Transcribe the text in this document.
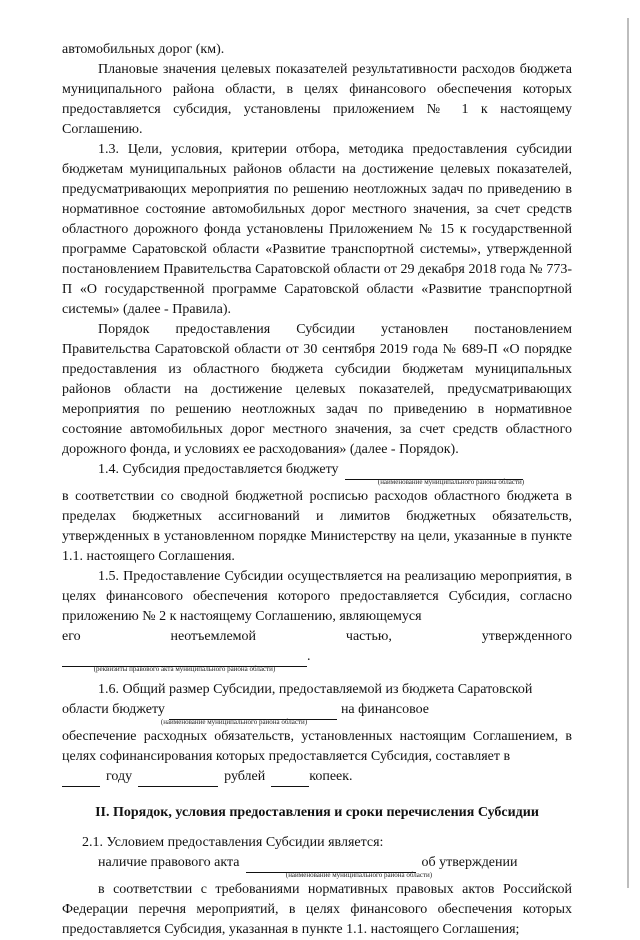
автомобильных дорог (км).

Плановые значения целевых показателей результативности расходов бюджета муниципального района области, в целях финансового обеспечения которых предоставляется субсидия, установлены приложением № 1 к настоящему Соглашению.

1.3. Цели, условия, критерии отбора, методика предоставления субсидии бюджетам муниципальных районов области на достижение целевых показателей, предусматривающих мероприятия по решению неотложных задач по приведению в нормативное состояние автомобильных дорог местного значения, за счет средств областного дорожного фонда установлены Приложением № 15 к государственной программе Саратовской области «Развитие транспортной системы», утвержденной постановлением Правительства Саратовской области от 29 декабря 2018 года № 773-П «О государственной программе Саратовской области «Развитие транспортной системы» (далее - Правила).

Порядок предоставления Субсидии установлен постановлением Правительства Саратовской области от 30 сентября 2019 года № 689-П «О порядке предоставления из областного бюджета субсидии бюджетам муниципальных районов области на достижение целевых показателей, предусматривающих мероприятия по решению неотложных задач по приведению в нормативное состояние автомобильных дорог местного значения, за счет средств областного дорожного фонда, и условиях ее расходования» (далее - Порядок).

1.4. Субсидия предоставляется бюджету
(наименование муниципального района области)

в соответствии со сводной бюджетной росписью расходов областного бюджета в пределах бюджетных ассигнований и лимитов бюджетных обязательств, утвержденных в установленном порядке Министерству на цели, указанные в пункте 1.1. настоящего Соглашения.

1.5. Предоставление Субсидии осуществляется на реализацию мероприятия, в целях финансового обеспечения которого предоставляется Субсидия, согласно приложению № 2 к настоящему Соглашению, являющемуся

его	неотъемлемой	частью,	утвержденного
.
(реквизиты правового акта муниципального района области)

1.6. Общий размер Субсидии, предоставляемой из бюджета Саратовской

области бюджету	на финансовое
(наименование муниципального района области)

обеспечение расходных обязательств, установленных настоящим Соглашением, в целях софинансирования которых предоставляется Субсидия, составляет в

году	рублей	копеек.
II. Порядок, условия предоставления и сроки перечисления Субсидии

2.1. Условием предоставления Субсидии является:

наличие правового акта	об утверждении
(наименование муниципального района области)

в соответствии с требованиями нормативных правовых актов Российской Федерации перечня мероприятий, в целях финансового обеспечения которых предоставляется Субсидия, указанная в пункте 1.1. настоящего Соглашения;
